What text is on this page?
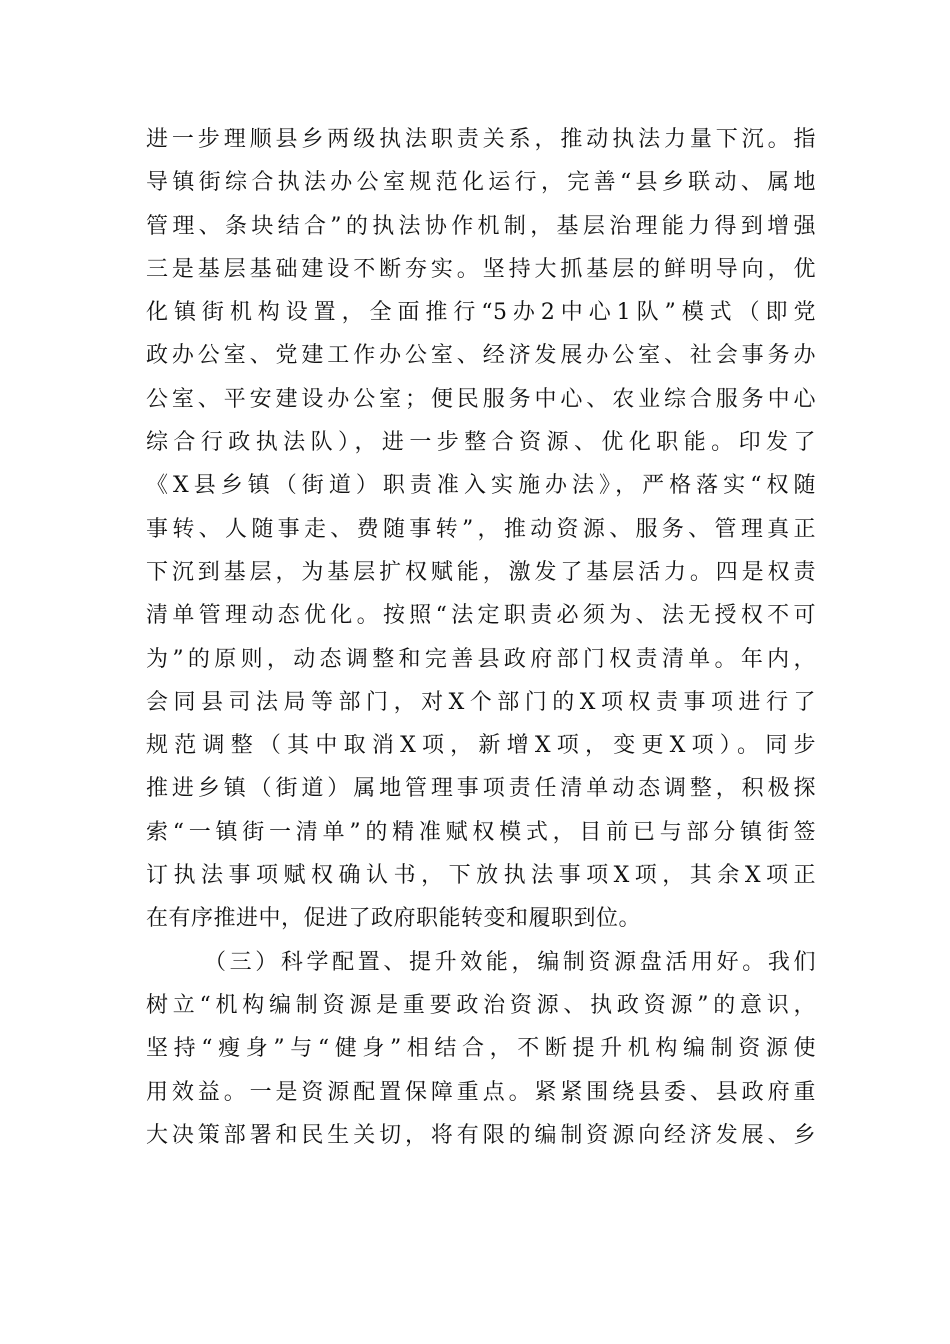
进一步理顺县乡两级执法职责关系，推动执法力量下沉。指
导镇街综合执法办公室规范化运行，完善“县乡联动、属地
管理、条块结合”的执法协作机制，基层治理能力得到增强
三是基层基础建设不断夯实。坚持大抓基层的鲜明导向，优
化镇街机构设置，全面推行“5办2中心1队”模式（即党
政办公室、党建工作办公室、经济发展办公室、社会事务办
公室、平安建设办公室；便民服务中心、农业综合服务中心
综合行政执法队），进一步整合资源、优化职能。印发了
《X县乡镇（街道）职责准入实施办法》，严格落实“权随
事转、人随事走、费随事转”，推动资源、服务、管理真正
下沉到基层，为基层扩权赋能，激发了基层活力。四是权责
清单管理动态优化。按照“法定职责必须为、法无授权不可
为”的原则，动态调整和完善县政府部门权责清单。年内，
会同县司法局等部门，对X个部门的X项权责事项进行了
规范调整（其中取消X项，新增X项，变更X项）。同步
推进乡镇（街道）属地管理事项责任清单动态调整，积极探
索“一镇街一清单”的精准赋权模式，目前已与部分镇街签
订执法事项赋权确认书，下放执法事项X项，其余X项正
在有序推进中，促进了政府职能转变和履职到位。
（三）科学配置、提升效能，编制资源盘活用好。我们
树立“机构编制资源是重要政治资源、执政资源”的意识，
坚持“瘦身”与“健身”相结合，不断提升机构编制资源使
用效益。一是资源配置保障重点。紧紧围绕县委、县政府重
大决策部署和民生关切，将有限的编制资源向经济发展、乡
